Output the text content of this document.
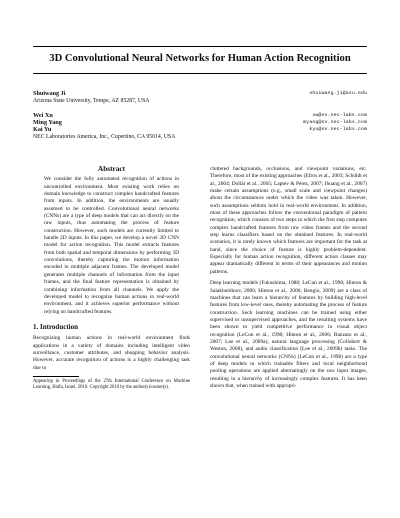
3D Convolutional Neural Networks for Human Action Recognition
Shuiwang Ji	shuiwang.ji@asu.edu
Arizona State University, Tempe, AZ 85287, USA
Wei Xu	xw@sv.nec-labs.com
Ming Yang	myang@sv.nec-labs.com
Kai Yu	kyu@sv.nec-labs.com
NEC Laboratories America, Inc., Cupertino, CA 95014, USA
Abstract

We consider the fully automated recognition of actions in uncontrolled environment. Most existing work relies on domain knowledge to construct complex handcrafted features from inputs. In addition, the environments are usually assumed to be controlled. Convolutional neural networks (CNNs) are a type of deep models that can act directly on the raw inputs, thus automating the process of feature construction. However, such models are currently limited to handle 2D inputs. In this paper, we develop a novel 3D CNN model for action recognition. This model extracts features from both spatial and temporal dimensions by performing 3D convolutions, thereby capturing the motion information encoded in multiple adjacent frames. The developed model generates multiple channels of information from the input frames, and the final feature representation is obtained by combining information from all channels. We apply the developed model to recognize human actions in real-world environment, and it achieves superior performance without relying on handcrafted features.

1. Introduction

Recognizing human actions in real-world environment finds applications in a variety of domains including intelligent video surveillance, customer attributes, and shopping behavior analysis. However, accurate recognition of actions is a highly challenging task due to

Appearing in Proceedings of the 27th International Conference on Machine Learning, Haifa, Israel, 2010. Copyright 2010 by the author(s)/owner(s).

cluttered backgrounds, occlusions, and viewpoint variations, etc. Therefore, most of the existing approaches (Efros et al., 2003; Schüldt et al., 2004; Dollár et al., 2005; Laptev & Pérez, 2007; Jhuang et al., 2007) make certain assumptions (e.g., small scale and viewpoint changes) about the circumstances under which the video was taken. However, such assumptions seldom hold in real-world environment. In addition, most of these approaches follow the conventional paradigm of pattern recognition, which consists of two steps in which the first step computes complex handcrafted features from raw video frames and the second step learns classifiers based on the obtained features. In real-world scenarios, it is rarely known which features are important for the task at hand, since the choice of feature is highly problem-dependent. Especially for human action recognition, different action classes may appear dramatically different in terms of their appearances and motion patterns.

Deep learning models (Fukushima, 1980; LeCun et al., 1998; Hinton & Salakhutdinov, 2006; Hinton et al., 2006; Bengio, 2009) are a class of machines that can learn a hierarchy of features by building high-level features from low-level ones, thereby automating the process of feature construction. Such learning machines can be trained using either supervised or unsupervised approaches, and the resulting systems have been shown to yield competitive performance in visual object recognition (LeCun et al., 1998; Hinton et al., 2006; Ranzato et al., 2007; Lee et al., 2009a), natural language processing (Collobert & Weston, 2008), and audio classification (Lee et al., 2009b) tasks. The convolutional neural networks (CNNs) (LeCun et al., 1998) are a type of deep models in which trainable filters and local neighborhood pooling operations are applied alternatingly on the raw input images, resulting in a hierarchy of increasingly complex features. It has been shown that, when trained with appropri-
